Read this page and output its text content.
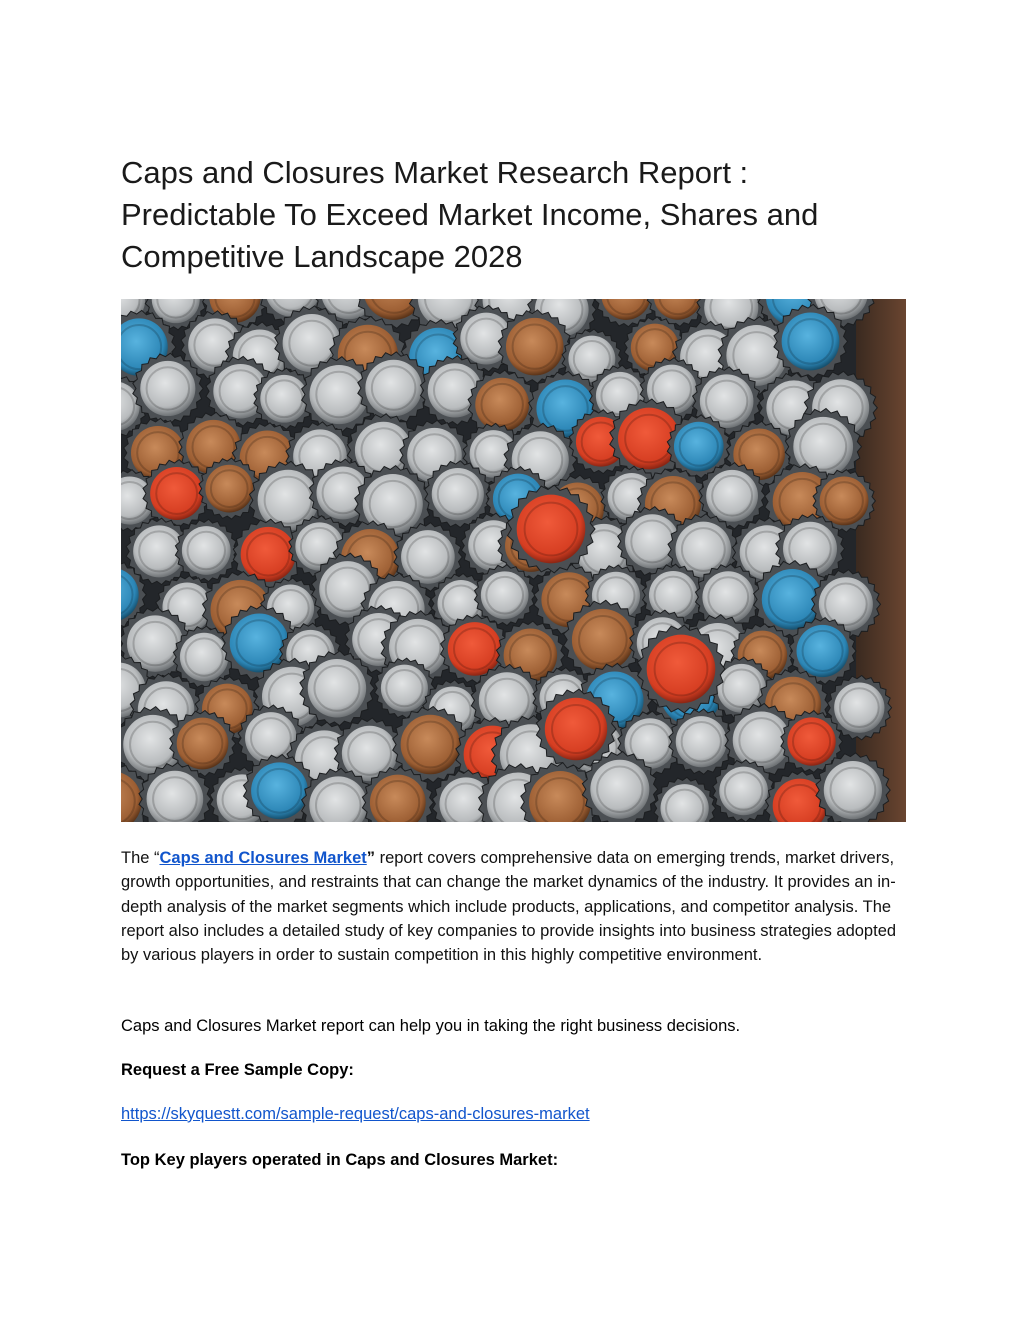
Caps and Closures Market Research Report :
Predictable To Exceed Market Income, Shares and
Competitive Landscape 2028

The “Caps and Closures Market” report covers comprehensive data on emerging trends, market drivers, growth opportunities, and restraints that can change the market dynamics of the industry. It provides an in-depth analysis of the market segments which include products, applications, and competitor analysis. The report also includes a detailed study of key companies to provide insights into business strategies adopted by various players in order to sustain competition in this highly competitive environment.

Caps and Closures Market report can help you in taking the right business decisions.

Request a Free Sample Copy:

https://skyquestt.com/sample-request/caps-and-closures-market

Top Key players operated in Caps and Closures Market:
